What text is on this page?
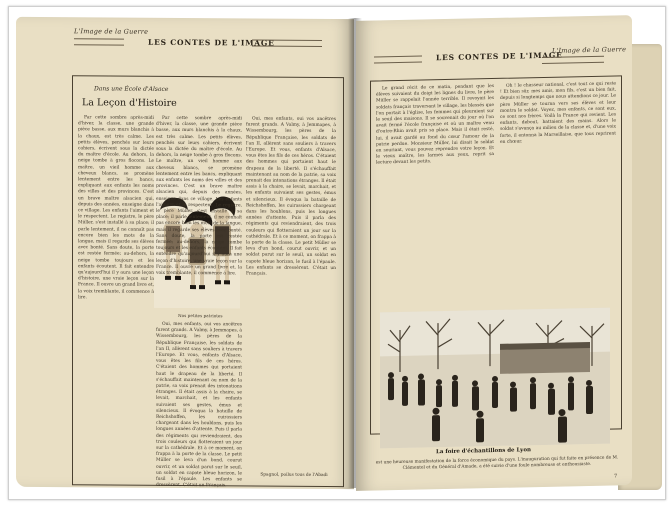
L'Image de la Guerre
LES CONTES DE L'IMAGE
Dans une École d'Alsace
La Leçon d'Histoire

Par cette sombre après-midi d'hiver, la classe, une grande pièce basse, aux murs blanchis à la chaux, est très calme. Les petits élèves, penchés sur leurs cahiers, écrivent sous la dictée du maître d'école. Au dehors, la neige tombe à gros flocons. Le maître, un vieil homme aux cheveux blancs, se promène lentement entre les bancs, expliquant aux enfants les noms des villes et des provinces. C'est un brave maître alsacien qui, depuis des années, enseigne dans ce village. Les enfants l'aiment et le respectent. Le registre, le père Müller, s'est installé à sa place; il parle lentement, il ne connaît pas encore bien les mots de la langue, mais il regarde ses élèves avec bonté. Sans doute, la porte est restée fermée; au-dehors, la neige tombe toujours et les enfants écoutent. Il fait entendre qu'aujourd'hui il y aura une leçon d'histoire, une vraie leçon sur la France. Il ouvre un grand livre et, la voix tremblante, il commence à lire.

Nos petites patriotes

Par cette sombre après-midi d'hiver, la classe, une grande pièce basse, aux murs blanchis à la chaux, est très calme. Les petits élèves, penchés sur leurs cahiers, écrivent sous la dictée du maître d'école. Au dehors, la neige tombe à gros flocons. Le maître, un vieil homme aux cheveux blancs, se promène lentement entre les bancs, expliquant aux enfants les noms des villes et des provinces. C'est un brave maître alsacien qui, depuis des années, enseigne dans ce village. Les enfants l'aiment et le respectent. Le registre, le père Müller, s'est installé à sa place; il parle lentement, il ne connaît pas encore bien les mots de la langue, mais il regarde ses élèves avec bonté. Sans doute, la porte est restée fermée; au-dehors, la neige tombe toujours et les enfants écoutent. Il fait entendre qu'aujourd'hui il y aura une leçon d'histoire, une vraie leçon sur la France. Il ouvre un grand livre et, la voix tremblante, il commence à lire.

Oui, mes enfants, oui vos ancêtres furent grands. A Valmy, à Jemmapes, à Wissembourg, les pères de la République Française, les soldats de l'an II, allèrent sans souliers à travers l'Europe. Et vous, enfants d'Alsace, vous êtes les fils de ces héros. C'étaient des hommes qui portaient haut le drapeau de la liberté. Il s'échauffait maintenant au nom de la patrie, sa voix prenait des intonations étranges. Il était assis à la chaire, se levait, marchait, et les enfants suivaient ses gestes, émus et silencieux. Il évoqua la bataille de Reichshoffen, les cuirassiers chargeant dans les houblons, puis les longues années d'attente. Puis il parla des régiments qui reviendraient, des trois couleurs qui flotteraient un jour sur la cathédrale. Et à ce moment, on frappa à la porte de la classe. Le petit Müller se leva d'un bond, courut ouvrir, et un soldat parut sur le seuil, un soldat en capote bleue horizon, le fusil à l'épaule. Les enfants se dressèrent. C'était un Français.

Oui, mes enfants, oui vos ancêtres furent grands. A Valmy, à Jemmapes, à Wissembourg, les pères de la République Française, les soldats de l'an II, allèrent sans souliers à travers l'Europe. Et vous, enfants d'Alsace, vous êtes les fils de ces héros. C'étaient des hommes qui portaient haut le drapeau de la liberté. Il s'échauffait maintenant au nom de la patrie, sa voix prenait des intonations étranges. Il était assis à la chaire, se levait, marchait, et les enfants suivaient ses gestes, émus et silencieux. Il évoqua la bataille de Reichshoffen, les cuirassiers chargeant dans les houblons, puis les longues années d'attente. Puis il parla des régiments qui reviendraient, des trois couleurs qui flotteraient un jour sur la cathédrale. Et à ce moment, on frappa à la porte de la classe. Le petit Müller se leva d'un bond, courut ouvrir, et un soldat parut sur le seuil, un soldat en capote bleue horizon, le fusil à l'épaule. Les enfants se dressèrent. C'était un Français.

Spagnol, poilus tous de l'Abadi
LES CONTES DE L'IMAGE
L'Image de la Guerre

Le grand récit de ce matin, pendant que les élèves suivaient du doigt les lignes du livre, le père Müller se rappelait l'année terrible. Il revoyait les soldats français traversant le village, les blessés que l'on portait à l'église, les femmes qui pleuraient sur le seuil des maisons. Il se souvenait du jour où l'on avait fermé l'école française et où un maître venu d'outre-Rhin avait pris sa place. Mais il était resté, lui, il avait gardé au fond du cœur l'amour de la patrie perdue. Monsieur Müller, lui disait le soldat en souriant, vous pouvez reprendre votre leçon. Et le vieux maître, les larmes aux yeux, reprit sa lecture devant les petits.

Oh ! le chasseur national, c'est tout ce qui reste ! Et bien sûr, mes amis, mon fils, c'est un bien fait, depuis si longtemps que nous attendions ce jour. Le père Müller se tourna vers ses élèves et leur montra le soldat. Voyez, mes enfants, ce sont eux, ce sont nos frères. Voilà la France qui revient. Les enfants, debout, battaient des mains. Alors le soldat s'avança au milieu de la classe et, d'une voix forte, il entonna la Marseillaise, que tous reprirent en chœur.

La foire d'échantillons de Lyon
est une heureuse manifestation de la force économique du pays. L'inauguration qui fut faite en présence de M. Clémentel et du Général d'Amade, a été suivie d'une foule nombreuse et enthousiaste.
7
